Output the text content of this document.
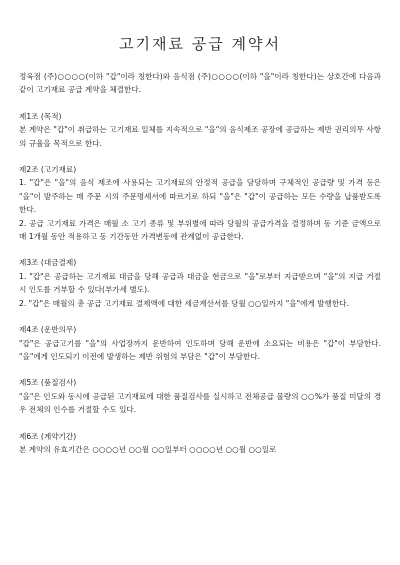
고기재료 공급 계약서

정육점 (주)○○○○(이하 "갑"이라 칭한다)와 음식점 (주)○○○○(이하 "을"이라 칭한다)는 상호간에 다음과 같이 고기재료 공급 계약을 체결한다.

제1조 (목적)

본 계약은 "갑"이 취급하는 고기재료 일체를 지속적으로 "을"의 음식제조 공장에 공급하는 제반 권리의무 사항의 규율을 목적으로 한다.

제2조 (고기재료)

1. "갑"은 "을"의 음식 제조에 사용되는 고기재료의 안정적 공급을 담당하며 구체적인 공급량 및 가격 등은 "을"이 발주하는 매 주문 시의 주문명세서에 따르기로 하되 "을"은 "갑"이 공급하는 모든 수량을 납품받도록 한다.
2. 공급 고기재료 가격은 매월 소 고기 종류 및 부위별에 따라 당월의 공급가격을 결정하며 동 기준 금액으로 매 1개월 동안 적용하고 동 기간동안 가격변동에 관계없이 공급한다.

제3조 (대금결제)

1. "갑"은 공급하는 고기재료 대금을 당해 공급과 대금을 현금으로 "을"로부터 지급받으며 "을"의 지급 거절 시 인도를 거부할 수 있다(부가세 별도).
2. "갑"은 매월의 총 공급 고기재료 결제액에 대한 세금계산서를 당월 ○○일까지 "을"에게 발행한다.

제4조 (운반의무)

"갑"은 공급고기를 "을"의 사업장까지 운반하여 인도하며 당해 운반에 소요되는 비용은 "갑"이 부담한다. "을"에게 인도되기 이전에 발생하는 제반 위험의 부담은 "갑"이 부담한다.

제5조 (품질검사)

"을"은 인도와 동시에 공급된 고기재료에 대한 품질검사를 실시하고 전체공급 물량의 ○○%가 품질 미달의 경우 전체의 인수를 거절할 수도 있다.

제6조 (계약기간)

본 계약의 유효기간은 ○○○○년 ○○월 ○○일부터 ○○○○년 ○○월 ○○일로
